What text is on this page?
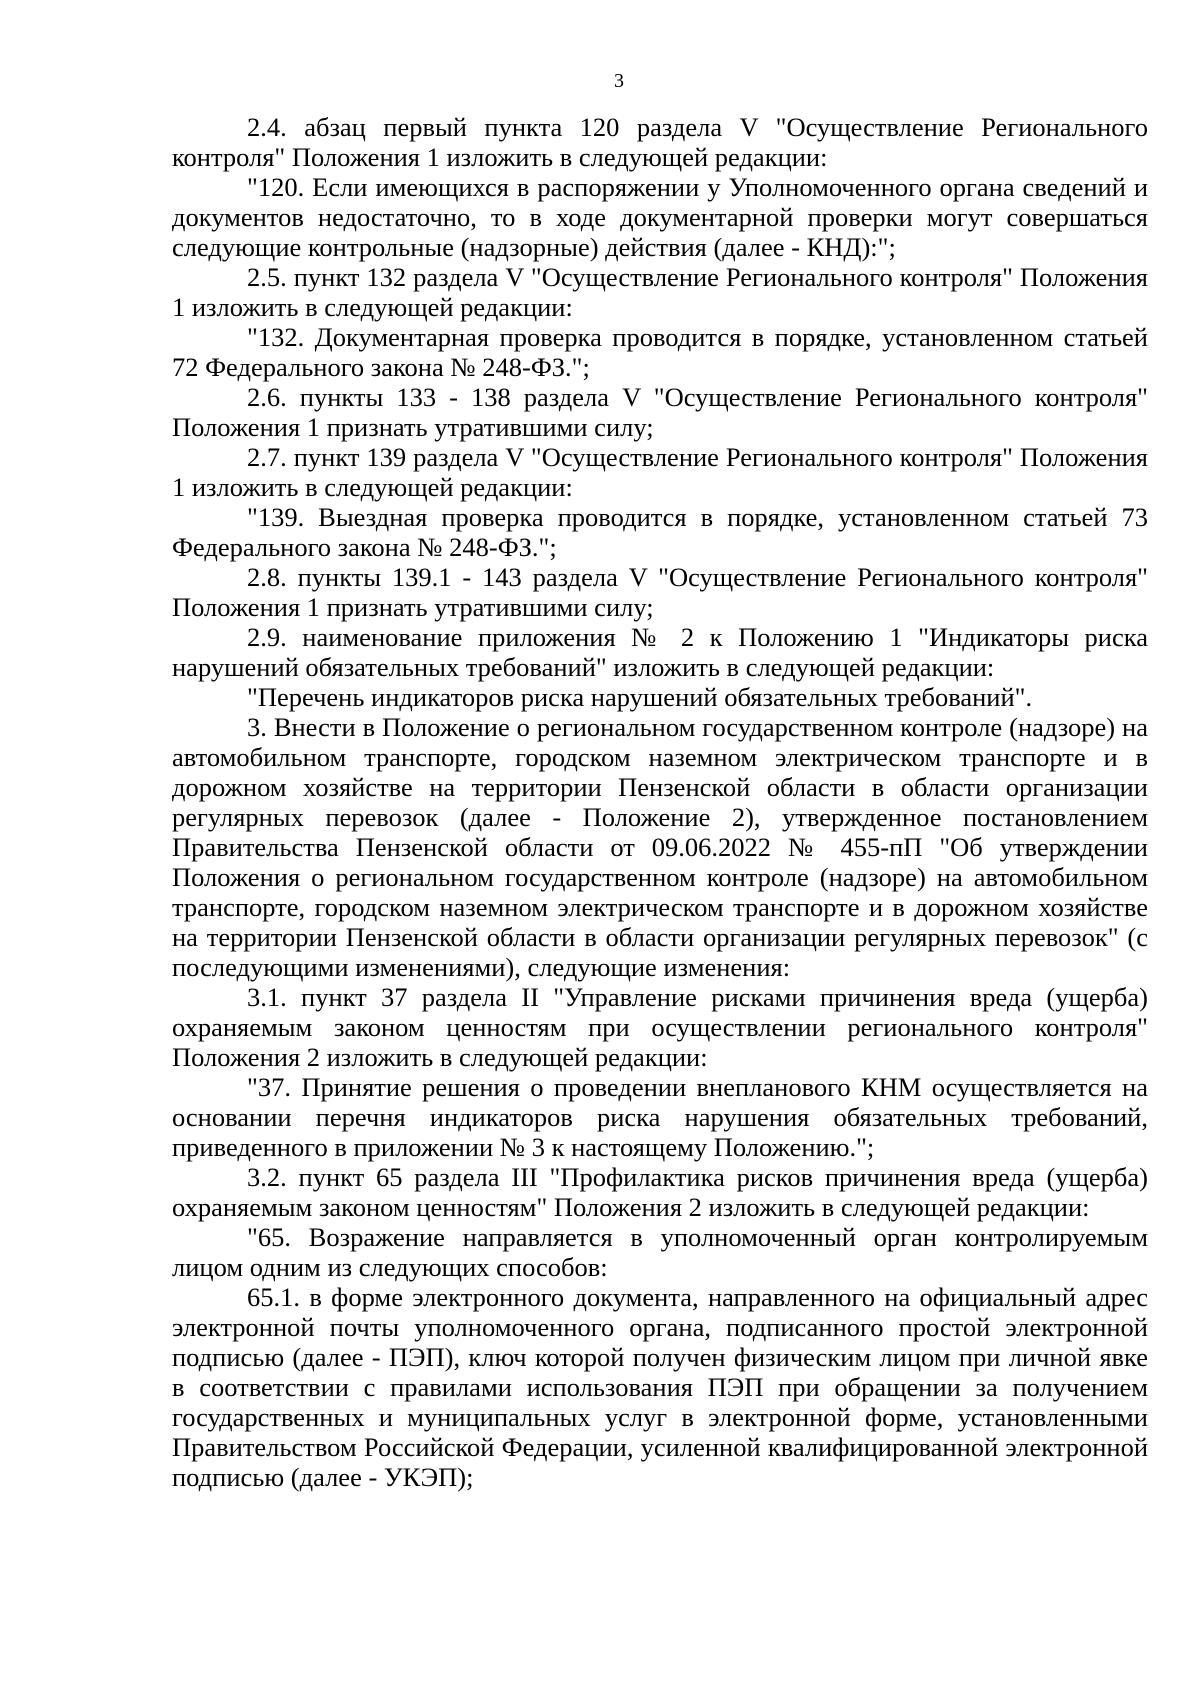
3

2.4. абзац первый пункта 120 раздела V "Осуществление Регионального контроля" Положения 1 изложить в следующей редакции:

"120. Если имеющихся в распоряжении у Уполномоченного органа сведений и документов недостаточно, то в ходе документарной проверки могут совершаться следующие контрольные (надзорные) действия (далее - КНД):";

2.5. пункт 132 раздела V "Осуществление Регионального контроля" Положения 1 изложить в следующей редакции:

"132. Документарная проверка проводится в порядке, установленном статьей 72 Федерального закона № 248-ФЗ.";

2.6. пункты 133 - 138 раздела V "Осуществление Регионального контроля" Положения 1 признать утратившими силу;

2.7. пункт 139 раздела V "Осуществление Регионального контроля" Положения 1 изложить в следующей редакции:

"139. Выездная проверка проводится в порядке, установленном статьей 73 Федерального закона № 248-ФЗ.";

2.8. пункты 139.1 - 143 раздела V "Осуществление Регионального контроля" Положения 1 признать утратившими силу;

2.9. наименование приложения № 2 к Положению 1 "Индикаторы риска нарушений обязательных требований" изложить в следующей редакции:

"Перечень индикаторов риска нарушений обязательных требований".

3. Внести в Положение о региональном государственном контроле (надзоре) на автомобильном транспорте, городском наземном электрическом транспорте и в дорожном хозяйстве на территории Пензенской области в области организации регулярных перевозок (далее - Положение 2), утвержденное постановлением Правительства Пензенской области от 09.06.2022 № 455-пП "Об утверждении Положения о региональном государственном контроле (надзоре) на автомобильном транспорте, городском наземном электрическом транспорте и в дорожном хозяйстве на территории Пензенской области в области организации регулярных перевозок" (с последующими изменениями), следующие изменения:

3.1. пункт 37 раздела II "Управление рисками причинения вреда (ущерба) охраняемым законом ценностям при осуществлении регионального контроля" Положения 2 изложить в следующей редакции:

"37. Принятие решения о проведении внепланового КНМ осуществляется на основании перечня индикаторов риска нарушения обязательных требований, приведенного в приложении № 3 к настоящему Положению.";

3.2. пункт 65 раздела III "Профилактика рисков причинения вреда (ущерба) охраняемым законом ценностям" Положения 2 изложить в следующей редакции:

"65. Возражение направляется в уполномоченный орган контролируемым лицом одним из следующих способов:

65.1. в форме электронного документа, направленного на официальный адрес электронной почты уполномоченного органа, подписанного простой электронной подписью (далее - ПЭП), ключ которой получен физическим лицом при личной явке в соответствии с правилами использования ПЭП при обращении за получением государственных и муниципальных услуг в электронной форме, установленными Правительством Российской Федерации, усиленной квалифицированной электронной подписью (далее - УКЭП);
